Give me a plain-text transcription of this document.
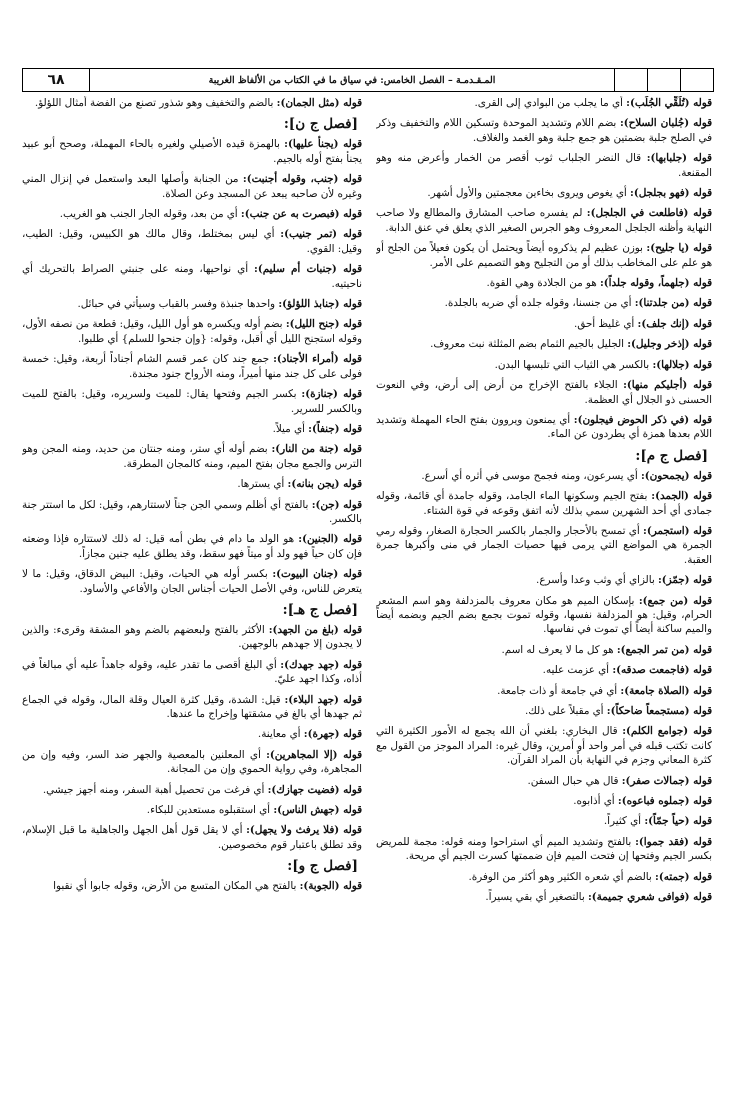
٦٨	المـقـدمـة – الفصل الخامس: في سياق ما في الكتاب من الألفاظ الغريبة
قوله (تُلَقِّي الجُلَب): أي ما يجلب من البوادي إلى القرى.
قوله (جُلبان السلاح): بضم اللام وتشديد الموحدة وتسكين اللام والتخفيف وذكر في الصلح جلبة بضمتين هو جمع جلبة وهو الغمد والغلاف.
قوله (جلبابها): قال النضر الجلباب ثوب أقصر من الخمار وأعرض منه وهو المقنعة.
قوله (فهو بجلجل): أي يغوص ويروى بخاءين معجمتين والأول أشهر.
قوله (فاطلعت في الجلجل): لم يفسره صاحب المشارق والمطالع ولا صاحب النهاية وأظنه الجلجل المعروف وهو الجرس الصغير الذي يعلق في عنق الدابة.
قوله (يا جليح): بوزن عظيم لم يذكروه أيضاً ويحتمل أن يكون فعيلاً من الجلح أو هو علم على المخاطب بذلك أو من التجليح وهو التصميم على الأمر.
قوله (جلهماً، وقوله جلداً): هو من الجلادة وهي القوة.
قوله (من جلدتنا): أي من جنسنا، وقوله جلده أي ضربه بالجلدة.
قوله (إنك جلف): أي غليظ أحق.
قوله (إذخر وجليل): الجليل بالجيم الثمام بضم المثلثة نبت معروف.
قوله (جلالها): بالكسر هي الثياب التي تلبسها البدن.
قوله (أجليكم منها): الجلاء بالفتح الإخراج من أرض إلى أرض، وفي النعوت الحسنى ذو الجلال أي العظمة.
قوله (في ذكر الحوض فيجلون): أي يمنعون ويروون بفتح الحاء المهملة وتشديد اللام بعدها همزة أي يطردون عن الماء.
[فصل ج م]:
قوله (يجمحون): أي يسرعون، ومنه فجمح موسى في أثره أي أسرع.
قوله (الجمد): بفتح الجيم وسكونها الماء الجامد، وقوله جامدة أي قائمة، وقوله جمادى أي أحد الشهرين سمي بذلك لأنه اتفق وقوعه في قوة الشتاء.
قوله (استجمر): أي تمسح بالأحجار والجمار بالكسر الحجارة الصغار، وقوله رمي الجمرة هي المواضع التي يرمى فيها حصيات الجمار في منى وأكبرها جمرة العقبة.
قوله (جمّز): بالزاي أي وثب وعدا وأسرع.
قوله (من جمع): بإسكان الميم هو مكان معروف بالمزدلفة وهو اسم المشعر الحرام، وقيل: هو المزدلفة نفسها، وقوله تموت بجمع بضم الجيم وبضمه أيضاً والميم ساكنة أيضاً أي تموت في نفاسها.
قوله (من تمر الجمع): هو كل ما لا يعرف له اسم.
قوله (فاجمعت صدقه): أي عزمت عليه.
قوله (الصلاة جامعة): أي في جامعة أو ذات جامعة.
قوله (مستجمعاً ضاحكاً): أي مقبلاً على ذلك.
قوله (جوامع الكلم): قال البخاري: بلغني أن الله يجمع له الأمور الكثيرة التي كانت تكتب قبله في أمر واحد أو أمرين، وقال غيره: المراد الموجز من القول مع كثرة المعاني وجزم في النهاية بأن المراد القرآن.
قوله (جمالات صفر): قال هي حبال السفن.
قوله (جملوه فباعوه): أي أذابوه.
قوله (حياً جمّاً): أي كثيراً.
قوله (فقد جموا): بالفتح وتشديد الميم أي استراحوا ومنه قوله: مجمة للمريض بكسر الجيم وفتحها إن فتحت الميم فإن ضممتها كسرت الجيم أي مريحة.
قوله (جمته): بالضم أي شعره الكثير وهو أكثر من الوفرة.
قوله (فوافى شعري جميمة): بالتصغير أي بقي يسيراً.
قوله (مثل الجمان): بالضم والتخفيف وهو شذور تصنع من الفضة أمثال اللؤلؤ.
[فصل ج ن]:
قوله (يجنأ عليها): بالهمزة قيده الأصيلي ولغيره بالحاء المهملة، وصحح أبو عبيد يجنأ بفتح أوله بالجيم.
قوله (جنب، وقوله أجنبت): من الجنابة وأصلها البعد واستعمل في إنزال المني وغيره لأن صاحبه يبعد عن المسجد وعن الصلاة.
قوله (فبصرت به عن جنب): أي من بعد، وقوله الجار الجنب هو الغريب.
قوله (تمر جنيب): أي ليس بمختلط، وقال مالك هو الكبيس، وقيل: الطيب، وقيل: القوي.
قوله (جنبات أم سليم): أي نواحيها، ومنه على جنبتي الصراط بالتحريك أي ناحيتيه.
قوله (جنابذ اللؤلؤ): واحدها جنبذة وفسر بالقباب وسيأتي في حبائل.
قوله (جنح الليل): بضم أوله ويكسره هو أول الليل، وقيل: قطعة من نصفه الأول، وقوله استجنح الليل أي أقبل، وقوله: {وإن جنحوا للسلم} أي طلبوا.
قوله (أمراء الأجناد): جمع جند كان عمر قسم الشام أجناداً أربعة، وقيل: خمسة فولى على كل جند منها أميراً، ومنه الأرواح جنود مجندة.
قوله (جنازة): بكسر الجيم وفتحها يقال: للميت ولسريره، وقيل: بالفتح للميت وبالكسر للسرير.
قوله (جنفاً): أي ميلاً.
قوله (جنة من النار): بضم أوله أي ستر، ومنه جنتان من حديد، ومنه المجن وهو الترس والجمع مجان بفتح الميم، ومنه كالمجان المطرقة.
قوله (يجن بنانه): أي يسترها.
قوله (جن): بالفتح أي أظلم وسمي الجن جناً لاستتارهم، وقيل: لكل ما استتر جنة بالكسر.
قوله (الجنين): هو الولد ما دام في بطن أمه قيل: له ذلك لاستتاره فإذا وضعته فإن كان حياً فهو ولد أو ميتاً فهو سقط، وقد يطلق عليه جنين مجازاً.
قوله (جنان البيوت): بكسر أوله هي الحيات، وقيل: البيض الدقاق، وقيل: ما لا يتعرض للناس، وفي الأصل الحيات أجناس الجان والأفاعي والأساود.
[فصل ج هـ]:
قوله (بلغ من الجهد): الأكثر بالفتح ولبعضهم بالضم وهو المشقة وقرىء: والذين لا يجدون إلا جهدهم بالوجهين.
قوله (جهد جهدك): أي البلغ أقصى ما تقدر عليه، وقوله جاهداً عليه أي مبالغاً في أذاه، وكذا اجهد عليّ.
قوله (جهد البلاء): قيل: الشدة، وقيل كثرة العيال وقلة المال، وقوله في الجماع ثم جهدها أي بالغ في مشقتها وإخراج ما عندها.
قوله (جهرة): أي معاينة.
قوله (إلا المجاهرين): أي المعلنين بالمعصية والجهر ضد السر، وفيه وإن من المجاهرة، وفي رواية الحموي وإن من المجانة.
قوله (فضيت جهازك): أي فرغت من تحصيل أهبة السفر، ومنه أجهز جيشي.
قوله (جهش الناس): أي استقبلوه مستعدين للبكاء.
قوله (فلا يرفث ولا يجهل): أي لا يقل قول أهل الجهل والجاهلية ما قبل الإسلام، وقد تطلق باعتبار قوم مخصوصين.
[فصل ج و]:
قوله (الجوبة): بالفتح هي المكان المتسع من الأرض، وقوله جابوا أي نقبوا
